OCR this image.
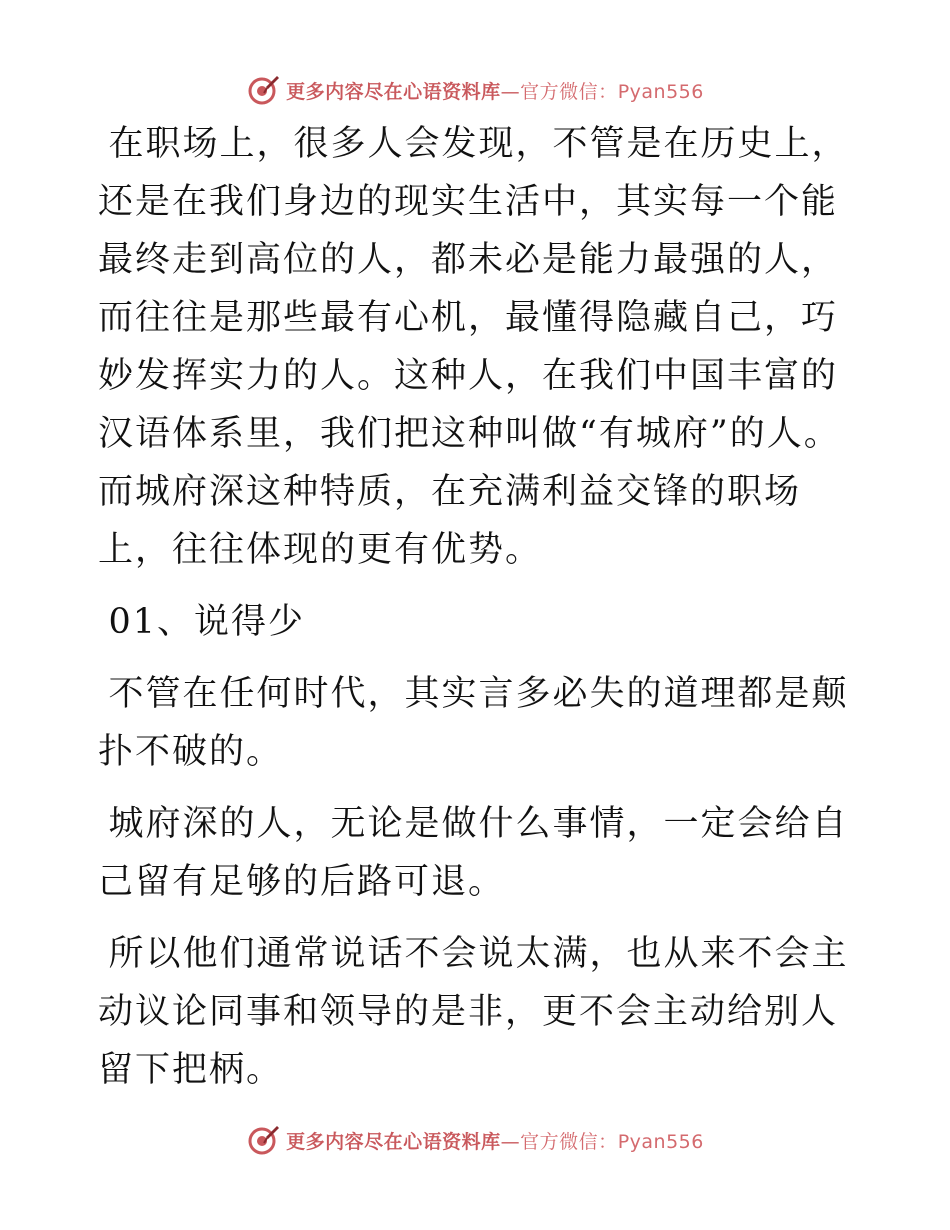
更多内容尽在心语资料库—官方微信：Pyan556

在职场上，很多人会发现，不管是在历史上，还是在我们身边的现实生活中，其实每一个能最终走到高位的人，都未必是能力最强的人，而往往是那些最有心机，最懂得隐藏自己，巧妙发挥实力的人。这种人，在我们中国丰富的汉语体系里，我们把这种叫做“有城府”的人。而城府深这种特质，在充满利益交锋的职场上，往往体现的更有优势。

01、说得少

不管在任何时代，其实言多必失的道理都是颠扑不破的。

城府深的人，无论是做什么事情，一定会给自己留有足够的后路可退。

所以他们通常说话不会说太满，也从来不会主动议论同事和领导的是非，更不会主动给别人留下把柄。

更多内容尽在心语资料库—官方微信：Pyan556
